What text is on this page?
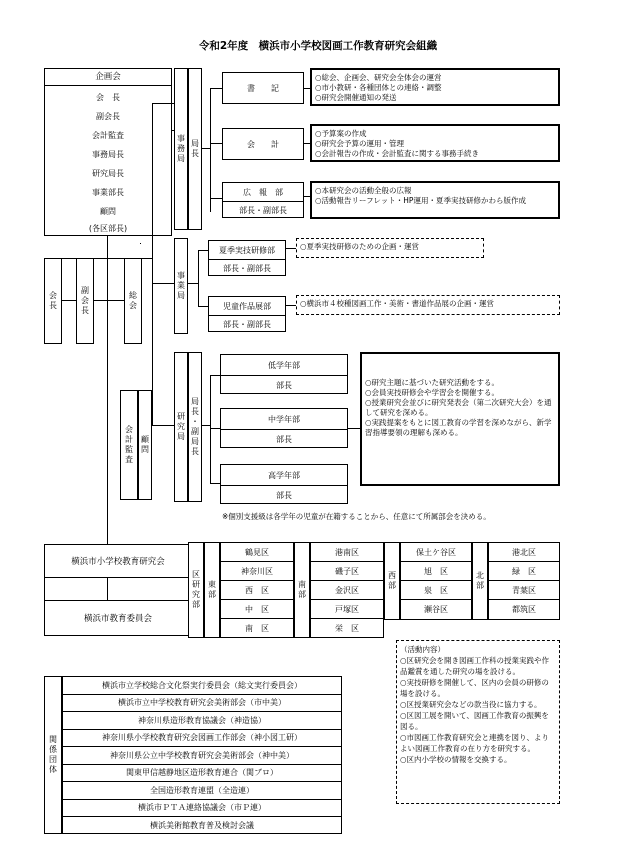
令和2年度　横浜市小学校図画工作教育研究会組織
企画会
会　長
副会長
会計監査
事務局長
研究局長
事業部長
顧問
(各区部長)
会長	副会長	総会
会計監査 顧問
事務局 局長
書　　記
○総会、企画会、研究会全体会の運営
○市小教研・各種団体との連絡・調整
○研究会開催通知の発送
会　　計
○予算案の作成
○研究会予算の運用・管理
○会計報告の作成・会計監査に関する事務手続き
広　報　部
部長・副部長
○本研究会の活動全般の広報
○活動報告リーフレット・HP運用・夏季実技研修かわら版作成
事業局
夏季実技研修部
部長・副部長
○夏季実技研修のための企画・運営
児童作品展部
部長・副部長
○横浜市４校種図画工作・美術・書道作品展の企画・運営
研究局 局長・副局長
低学年部
部長
中学年部
部長
高学年部
部長
○研究主題に基づいた研究活動をする。
○会員実技研修会や学習会を開催する。
○授業研究会並びに研究発表会（第二次研究大会）を通して研究を深める。
○実践提案をもとに図工教育の学習を深めながら、新学習指導要領の理解も深める。
※個別支援級は各学年の児童が在籍することから、任意にて所属部会を決める。
横浜市小学校教育研究会
横浜市教育委員会
区研究部 東部
鶴見区
神奈川区
西　区
中　区
南　区
南部
港南区
磯子区
金沢区
戸塚区
栄　区
西部
保土ケ谷区
旭　区
泉　区
瀬谷区
北部
港北区
緑　区
青葉区
都筑区
（活動内容）
○区研究会を開き図画工作科の授業実践や作品鑑賞を通した研究の場を設ける。
○実技研修を開催して、区内の会員の研修の場を設ける。
○区授業研究会などの款当役に協力する。
○区図工展を開いて、図画工作教育の振興を図る。
○市図画工作教育研究会と連携を図り、よりよい図画工作教育の在り方を研究する。
○区内小学校の情報を交換する。
関係団体
横浜市立学校総合文化祭実行委員会（総文実行委員会）
横浜市立中学校教育研究会美術部会（市中美）
神奈川県造形教育協議会（神造協）
神奈川県小学校教育研究会図画工作部会（神小図工研）
神奈川県公立中学校教育研究会美術部会（神中美）
関東甲信越静地区造形教育連合（関ブロ）
全国造形教育連盟（全造連）
横浜市ＰＴＡ連絡協議会（市Ｐ連）
横浜美術館教育普及検討会議
